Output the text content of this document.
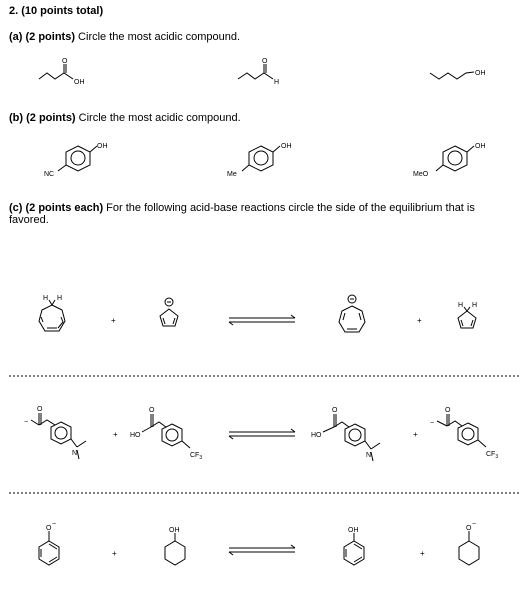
2. (10 points total)
(a) (2 points) Circle the most acidic compound.
(b) (2 points) Circle the most acidic compound.
(c) (2 points each) For the following acid-base reactions circle the side of the equilibrium that is favored.
O
OH
O
H
OH
OH
NC
OH
Me
OH
MeO
H H
+	+
H H
N
O
−
+ HO
$CF_3$
O
HO
N
O
+
$CF_3$
O
−
O
−
+
OH	OH
+
O
−
